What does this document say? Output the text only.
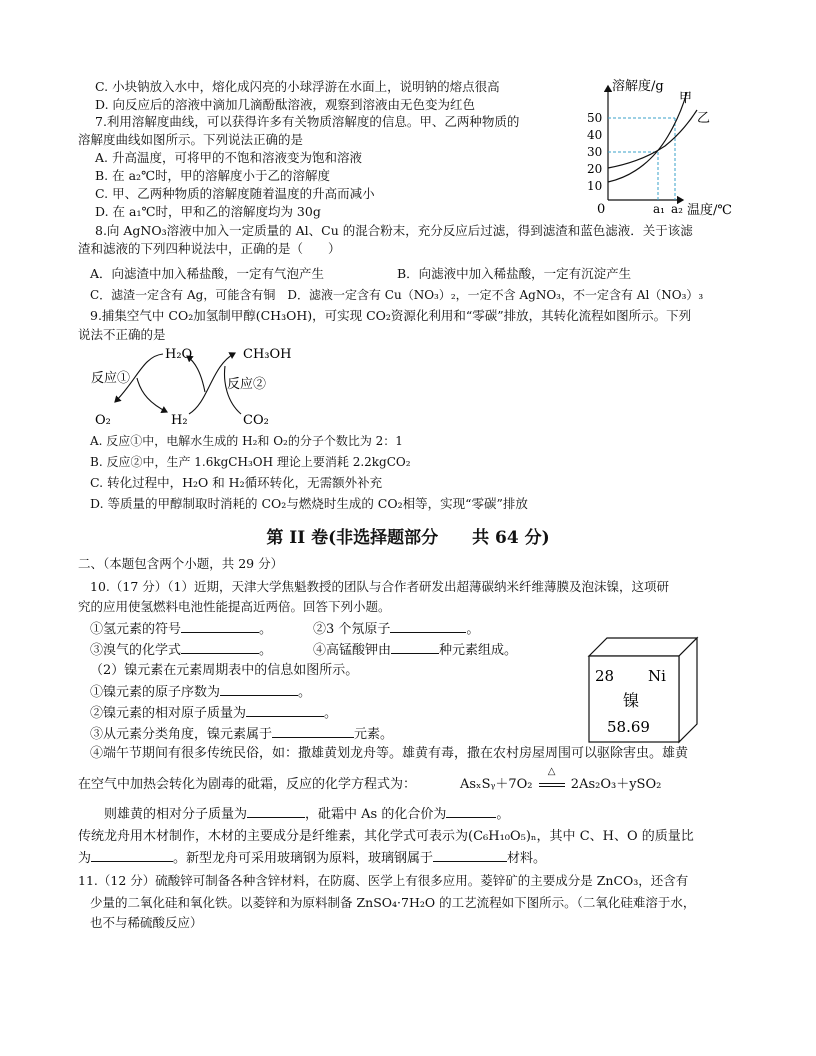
C. 小块钠放入水中，熔化成闪亮的小球浮游在水面上，说明钠的熔点很高
D. 向反应后的溶液中滴加几滴酚酞溶液，观察到溶液由无色变为红色
7.利用溶解度曲线，可以获得许多有关物质溶解度的信息。甲、乙两种物质的
溶解度曲线如图所示。下列说法正确的是
A. 升高温度，可将甲的不饱和溶液变为饱和溶液
B. 在 a₂℃时，甲的溶解度小于乙的溶解度
C. 甲、乙两种物质的溶解度随着温度的升高而减小
D. 在 a₁℃时，甲和乙的溶解度均为 30g
溶解度/g
温度/℃
0
50
40
30
20
10
甲
乙
a₁ a₂
8.向 AgNO₃溶液中加入一定质量的 Al、Cu 的混合粉末，充分反应后过滤，得到滤渣和蓝色滤液．关于该滤
渣和滤液的下列四种说法中，正确的是（　　）
A．向滤渣中加入稀盐酸，一定有气泡产生	B．向滤液中加入稀盐酸，一定有沉淀产生
C．滤渣一定含有 Ag，可能含有铜　D．滤液一定含有 Cu（NO₃）₂，一定不含 AgNO₃，不一定含有 Al（NO₃）₃
9.捕集空气中 CO₂加氢制甲醇(CH₃OH)，可实现 CO₂资源化利用和“零碳”排放，其转化流程如图所示。下列
说法不正确的是
H₂O	CH₃OH
反应①	反应②
O₂	H₂	CO₂
A. 反应①中，电解水生成的 H₂和 O₂的分子个数比为 2：1
B. 反应②中，生产 1.6kgCH₃OH 理论上要消耗 2.2kgCO₂
C. 转化过程中，H₂O 和 H₂循环转化，无需额外补充
D. 等质量的甲醇制取时消耗的 CO₂与燃烧时生成的 CO₂相等，实现“零碳”排放
第 II 卷(非选择题部分　　共 64 分)
二、（本题包含两个小题，共 29 分）
10.（17 分）（1）近期，天津大学焦魁教授的团队与合作者研发出超薄碳纳米纤维薄膜及泡沫镍，这项研
究的应用使氢燃料电池性能提高近两倍。回答下列小题。
①氢元素的符号	。	②3 个氖原子	。
③溴气的化学式	。	④高锰酸钾由	种元素组成。
（2）镍元素在元素周期表中的信息如图所示。
①镍元素的原子序数为	。
②镍元素的相对原子质量为	。
③从元素分类角度，镍元素属于	元素。
28 Ni
镍
58.69
④端午节期间有很多传统民俗，如：撒雄黄划龙舟等。雄黄有毒，撒在农村房屋周围可以驱除害虫。雄黄
在空气中加热会转化为剧毒的砒霜，反应的化学方程式为：	AsₓSᵧ＋7O₂
△
2As₂O₃＋ySO₂
则雄黄的相对分子质量为	，砒霜中 As 的化合价为	。
传统龙舟用木材制作，木材的主要成分是纤维素，其化学式可表示为(C₆H₁₀O₅)ₙ，其中 C、H、O 的质量比
为	。新型龙舟可采用玻璃钢为原料，玻璃钢属于	材料。
11.（12 分）硫酸锌可制备各种含锌材料，在防腐、医学上有很多应用。菱锌矿的主要成分是 ZnCO₃，还含有
少量的二氧化硅和氧化铁。以菱锌和为原料制备 ZnSO₄·7H₂O 的工艺流程如下图所示。（二氧化硅难溶于水，
也不与稀硫酸反应）
